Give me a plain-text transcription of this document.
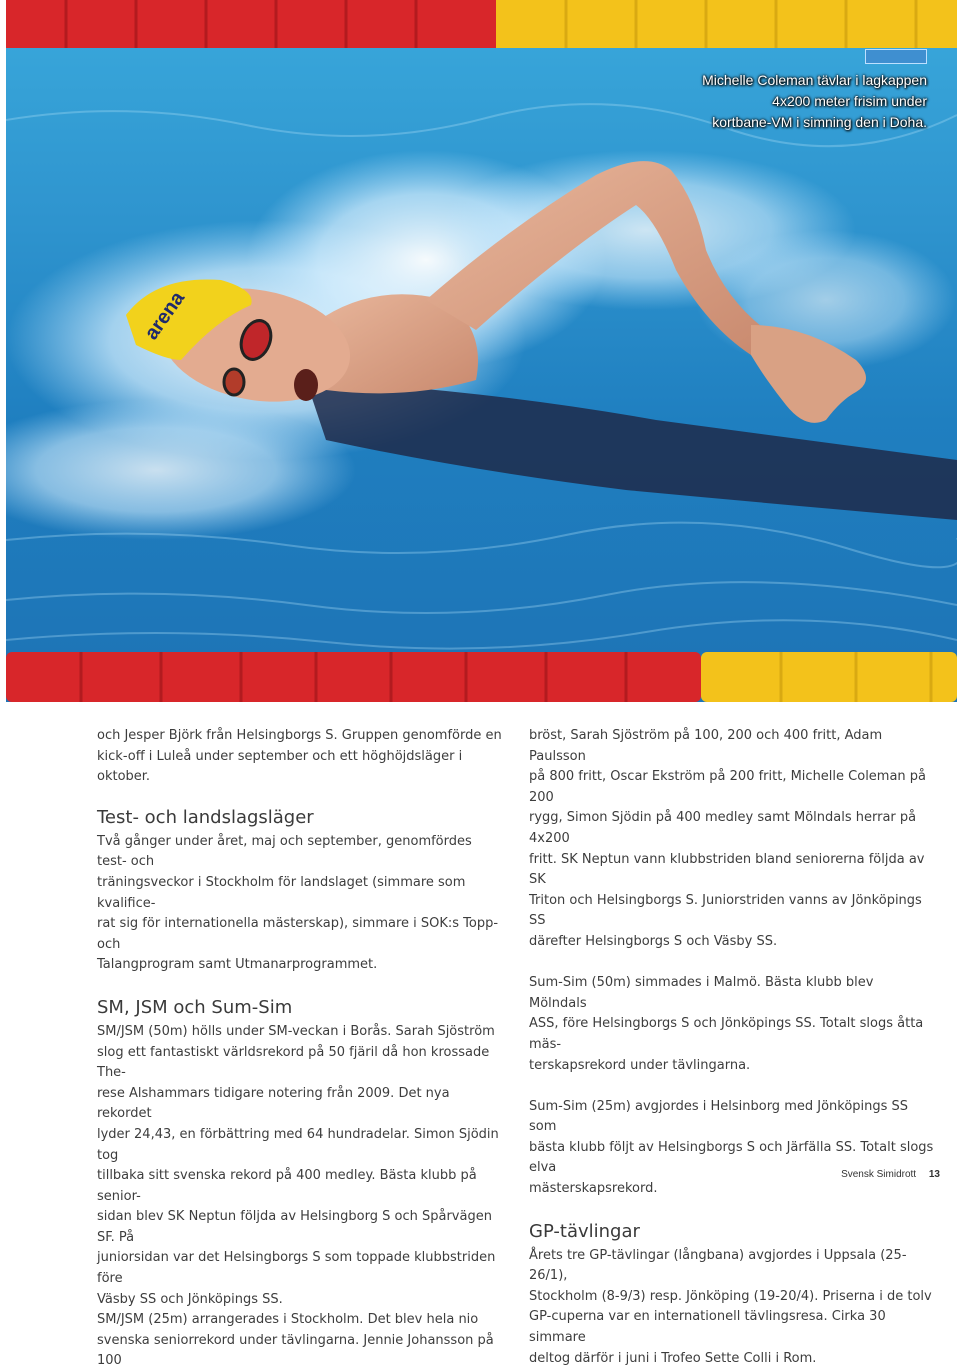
arena
Michelle Coleman tävlar i lagkappen
4x200 meter frisim under
kortbane-VM i simning den i Doha.

och Jesper Björk från Helsingborgs S. Gruppen genomförde en

kick-off i Luleå under september och ett höghöjdsläger i oktober.

Test- och landslagsläger

Två gånger under året, maj och september, genomfördes test- och

träningsveckor i Stockholm för landslaget (simmare som kvalifice-

rat sig för internationella mästerskap), simmare i SOK:s Topp- och

Talangprogram samt Utmanarprogrammet.

SM, JSM och Sum-Sim

SM/JSM (50m) hölls under SM-veckan i Borås. Sarah Sjöström

slog ett fantastiskt världsrekord på 50 fjäril då hon krossade The-

rese Alshammars tidigare notering från 2009. Det nya rekordet

lyder 24,43, en förbättring med 64 hundradelar. Simon Sjödin tog

tillbaka sitt svenska rekord på 400 medley. Bästa klubb på senior-

sidan blev SK Neptun följda av Helsingborg S och Spårvägen SF. På

juniorsidan var det Helsingborgs S som toppade klubbstriden före

Väsby SS och Jönköpings SS.

SM/JSM (25m) arrangerades i Stockholm. Det blev hela nio

svenska seniorrekord under tävlingarna. Jennie Johansson på 100

bröst, Sarah Sjöström på 100, 200 och 400 fritt, Adam Paulsson

på 800 fritt, Oscar Ekström på 200 fritt, Michelle Coleman på 200

rygg, Simon Sjödin på 400 medley samt Mölndals herrar på 4x200

fritt. SK Neptun vann klubbstriden bland seniorerna följda av SK

Triton och Helsingborgs S. Juniorstriden vanns av Jönköpings SS

därefter Helsingborgs S och Väsby SS.

Sum-Sim (50m) simmades i Malmö. Bästa klubb blev Mölndals

ASS, före Helsingborgs S och Jönköpings SS. Totalt slogs åtta mäs-

terskapsrekord under tävlingarna.

Sum-Sim (25m) avgjordes i Helsinborg med Jönköpings SS som

bästa klubb följt av Helsingborgs S och Järfälla SS. Totalt slogs elva

mästerskapsrekord.

GP-tävlingar

Årets tre GP-tävlingar (långbana) avgjordes i Uppsala (25-26/1),

Stockholm (8-9/3) resp. Jönköping (19-20/4). Priserna i de tolv

GP-cuperna var en internationell tävlingsresa. Cirka 30 simmare

deltog därför i juni i Trofeo Sette Colli i Rom.

Svensk Simidrott 13
